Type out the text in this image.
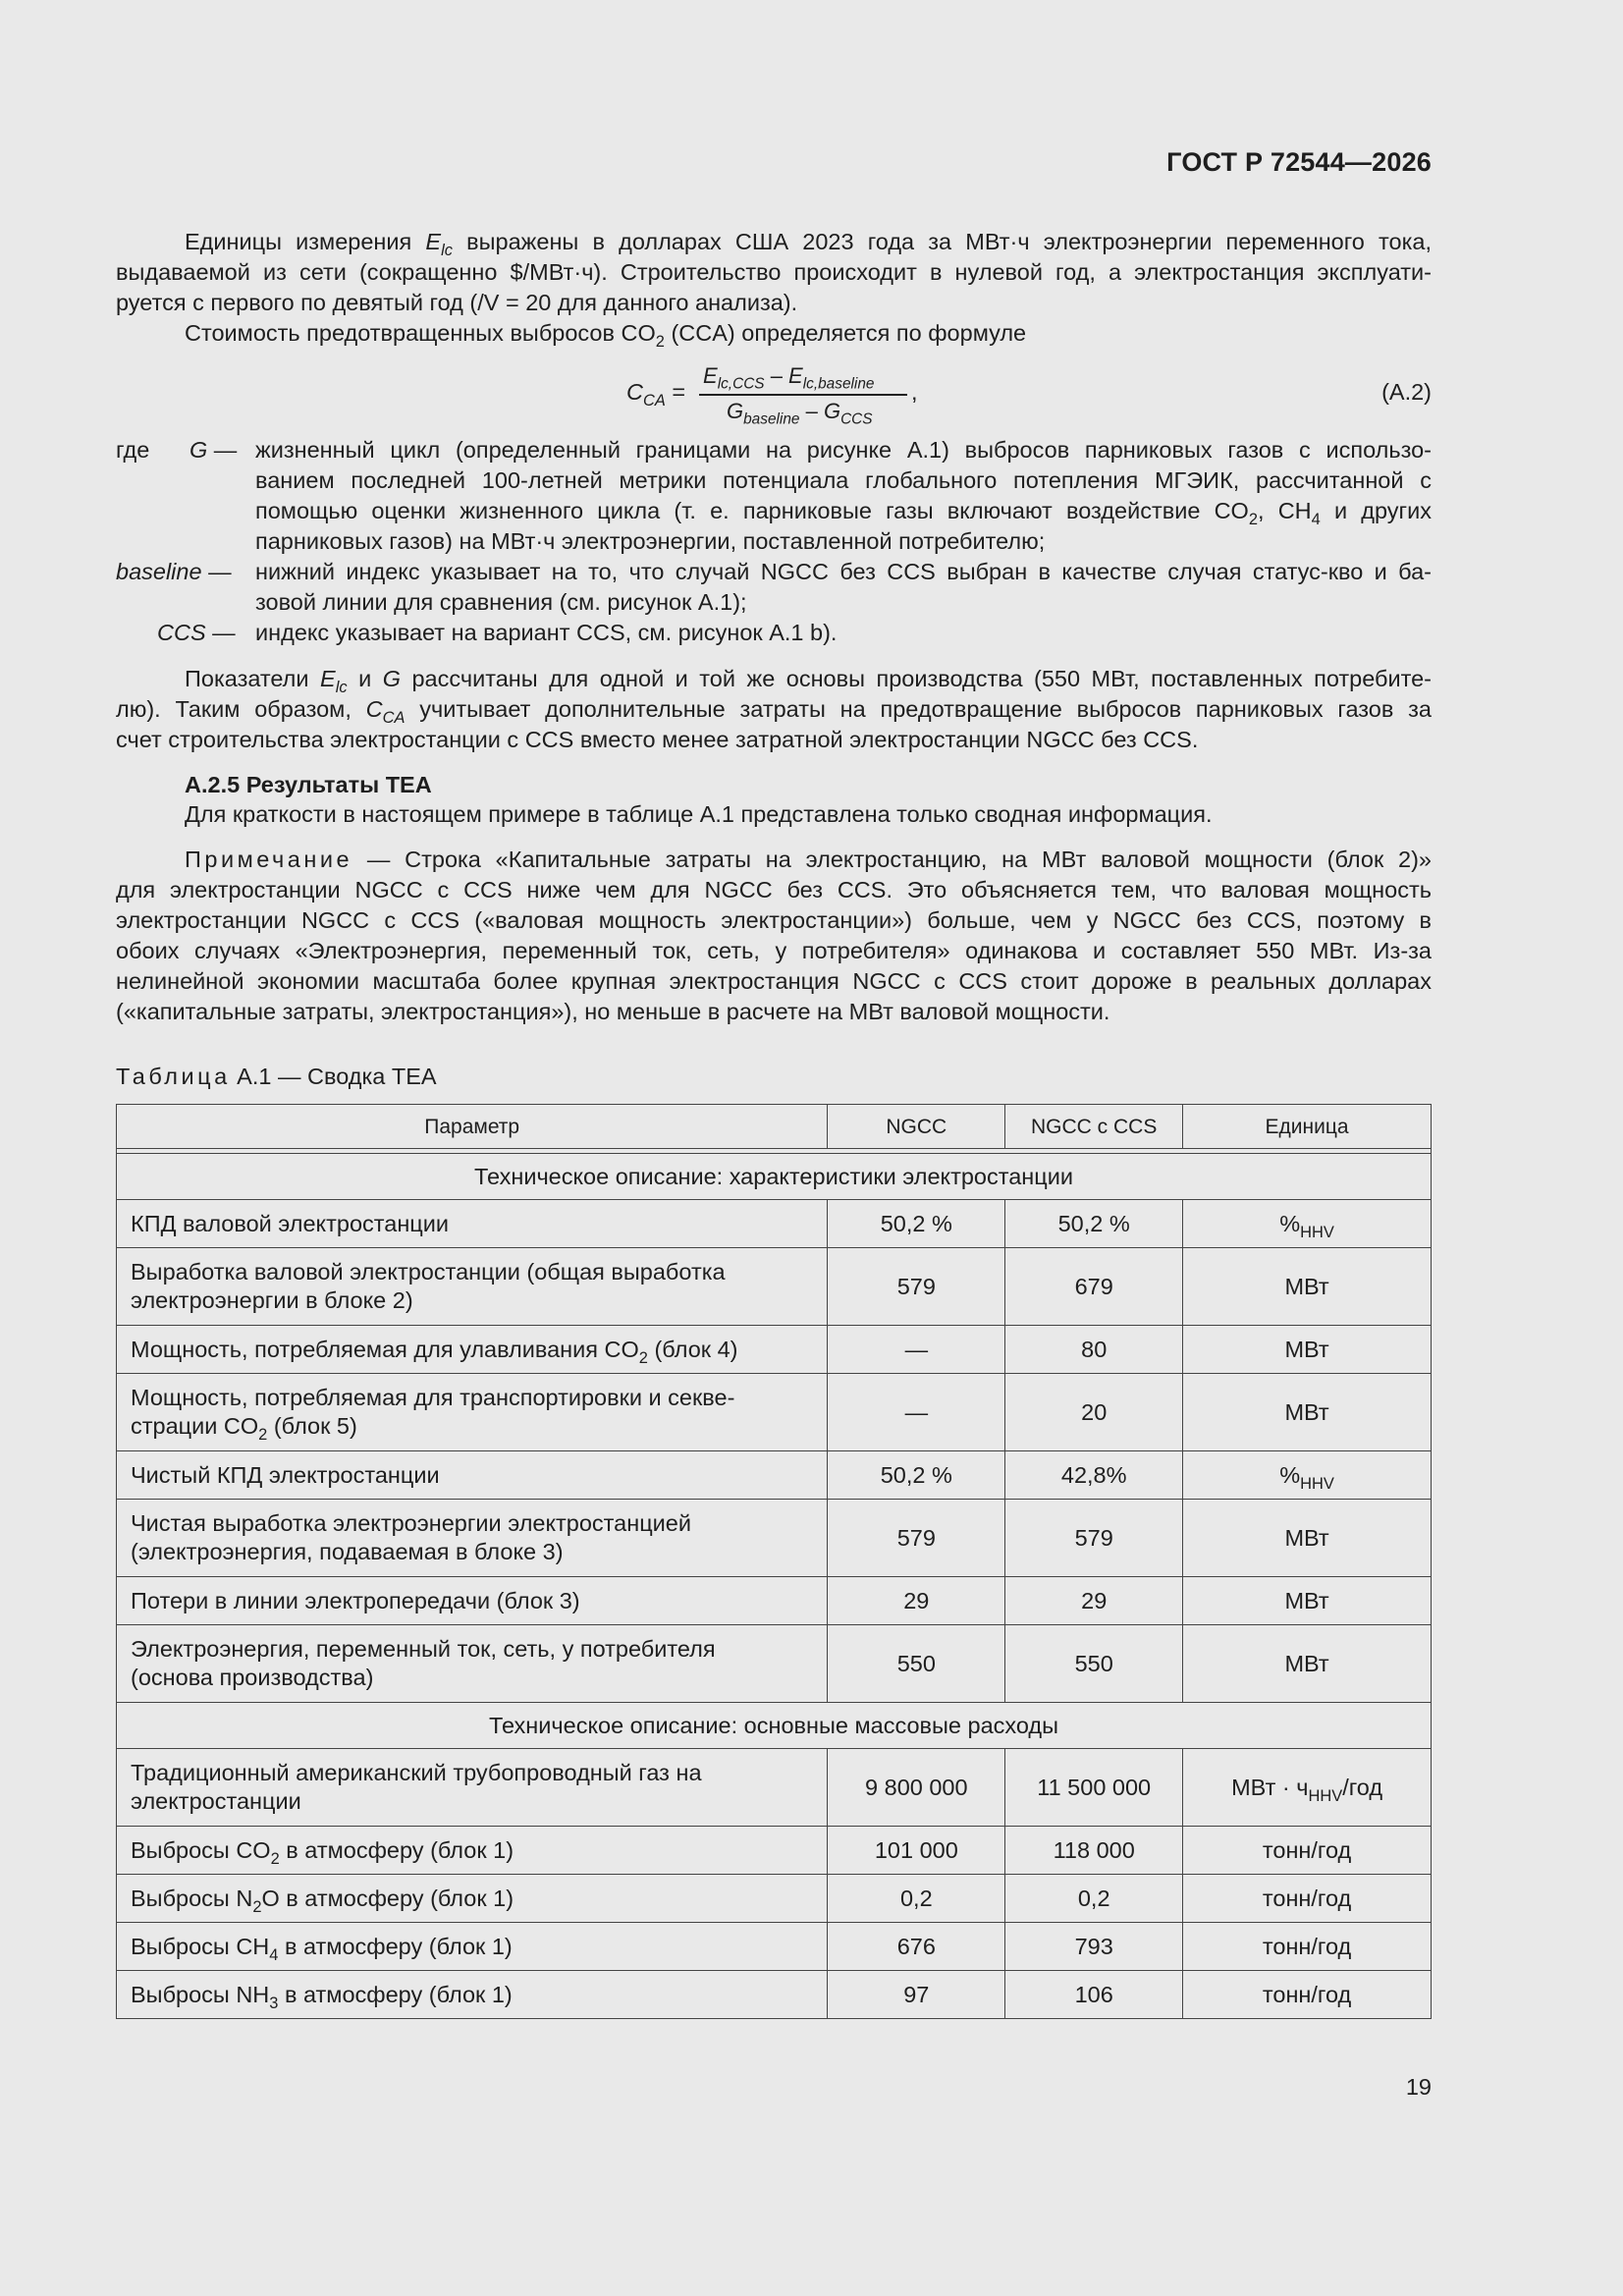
ГОСТ Р 72544—2026
Единицы измерения $E_{lc}$ выражены в долларах США 2023 года за МВт·ч электроэнергии переменного тока,
выдаваемой из сети (сокращенно $/МВт·ч). Строительство происходит в нулевой год, а электростанция эксплуати-
руется с первого по девятый год (/V = 20 для данного анализа).
Стоимость предотвращенных выбросов $CO_2$ (CCA) определяется по формуле
$C_{CA}$ =
$E_{lc,CCS} - E_{lc,baseline}$
$G_{baseline} - G_{CCS}$
,	(A.2)
где G — жизненный цикл (определенный границами на рисунке А.1) выбросов парниковых газов с использо-
ванием последней 100-летней метрики потенциала глобального потепления МГЭИК, рассчитанной с
помощью оценки жизненного цикла (т. е. парниковые газы включают воздействие $CO_2$, $CH_4$ и других
парниковых газов) на МВт·ч электроэнергии, поставленной потребителю;
baseline — нижний индекс указывает на то, что случай NGCC без CCS выбран в качестве случая статус-кво и ба-
зовой линии для сравнения (см. рисунок А.1);
CCS — индекс указывает на вариант CCS, см. рисунок А.1 b).
Показатели $E_{lc}$ и G рассчитаны для одной и той же основы производства (550 МВт, поставленных потребите-
лю). Таким образом, $C_{CA}$ учитывает дополнительные затраты на предотвращение выбросов парниковых газов за
счет строительства электростанции с CCS вместо менее затратной электростанции NGCC без CCS.
А.2.5 Результаты TEA
Для краткости в настоящем примере в таблице А.1 представлена только сводная информация.
Примечание — Строка «Капитальные затраты на электростанцию, на МВт валовой мощности (блок 2)»
для электростанции NGCC с CCS ниже чем для NGCC без CCS. Это объясняется тем, что валовая мощность
электростанции NGCC с CCS («валовая мощность электростанции») больше, чем у NGCC без CCS, поэтому в
обоих случаях «Электроэнергия, переменный ток, сеть, у потребителя» одинакова и составляет 550 МВт. Из-за
нелинейной экономии масштаба более крупная электростанция NGCC с CCS стоит дороже в реальных долларах
(«капитальные затраты, электростанция»), но меньше в расчете на МВт валовой мощности.
Таблица А.1 — Сводка TEA
Параметр	NGCC	NGCC с CCS	Единица

Техническое описание: характеристики электростанции			
КПД валовой электростанции	50,2 %	50,2 %	$\%_{HHV}$
Выработка валовой электростанции (общая выработка
электроэнергии в блоке 2)	579	679	МВт
Мощность, потребляемая для улавливания $CO_2$ (блок 4)	—	80	МВт
Мощность, потребляемая для транспортировки и секве-
страции $CO_2$ (блок 5)	—	20	МВт
Чистый КПД электростанции	50,2 %	42,8%	$\%_{HHV}$
Чистая выработка электроэнергии электростанцией
(электроэнергия, подаваемая в блоке 3)	579	579	МВт
Потери в линии электропередачи (блок 3)	29	29	МВт
Электроэнергия, переменный ток, сеть, у потребителя
(основа производства)	550	550	МВт
Техническое описание: основные массовые расходы			
Традиционный американский трубопроводный газ на
электростанции	9 800 000	11 500 000	МВт · $ч_{HHV}$/год
Выбросы $CO_2$ в атмосферу (блок 1)	101 000	118 000	тонн/год
Выбросы $N_2O$ в атмосферу (блок 1)	0,2	0,2	тонн/год
Выбросы $CH_4$ в атмосферу (блок 1)	676	793	тонн/год
Выбросы $NH_3$ в атмосферу (блок 1)	97	106	тонн/год
19
